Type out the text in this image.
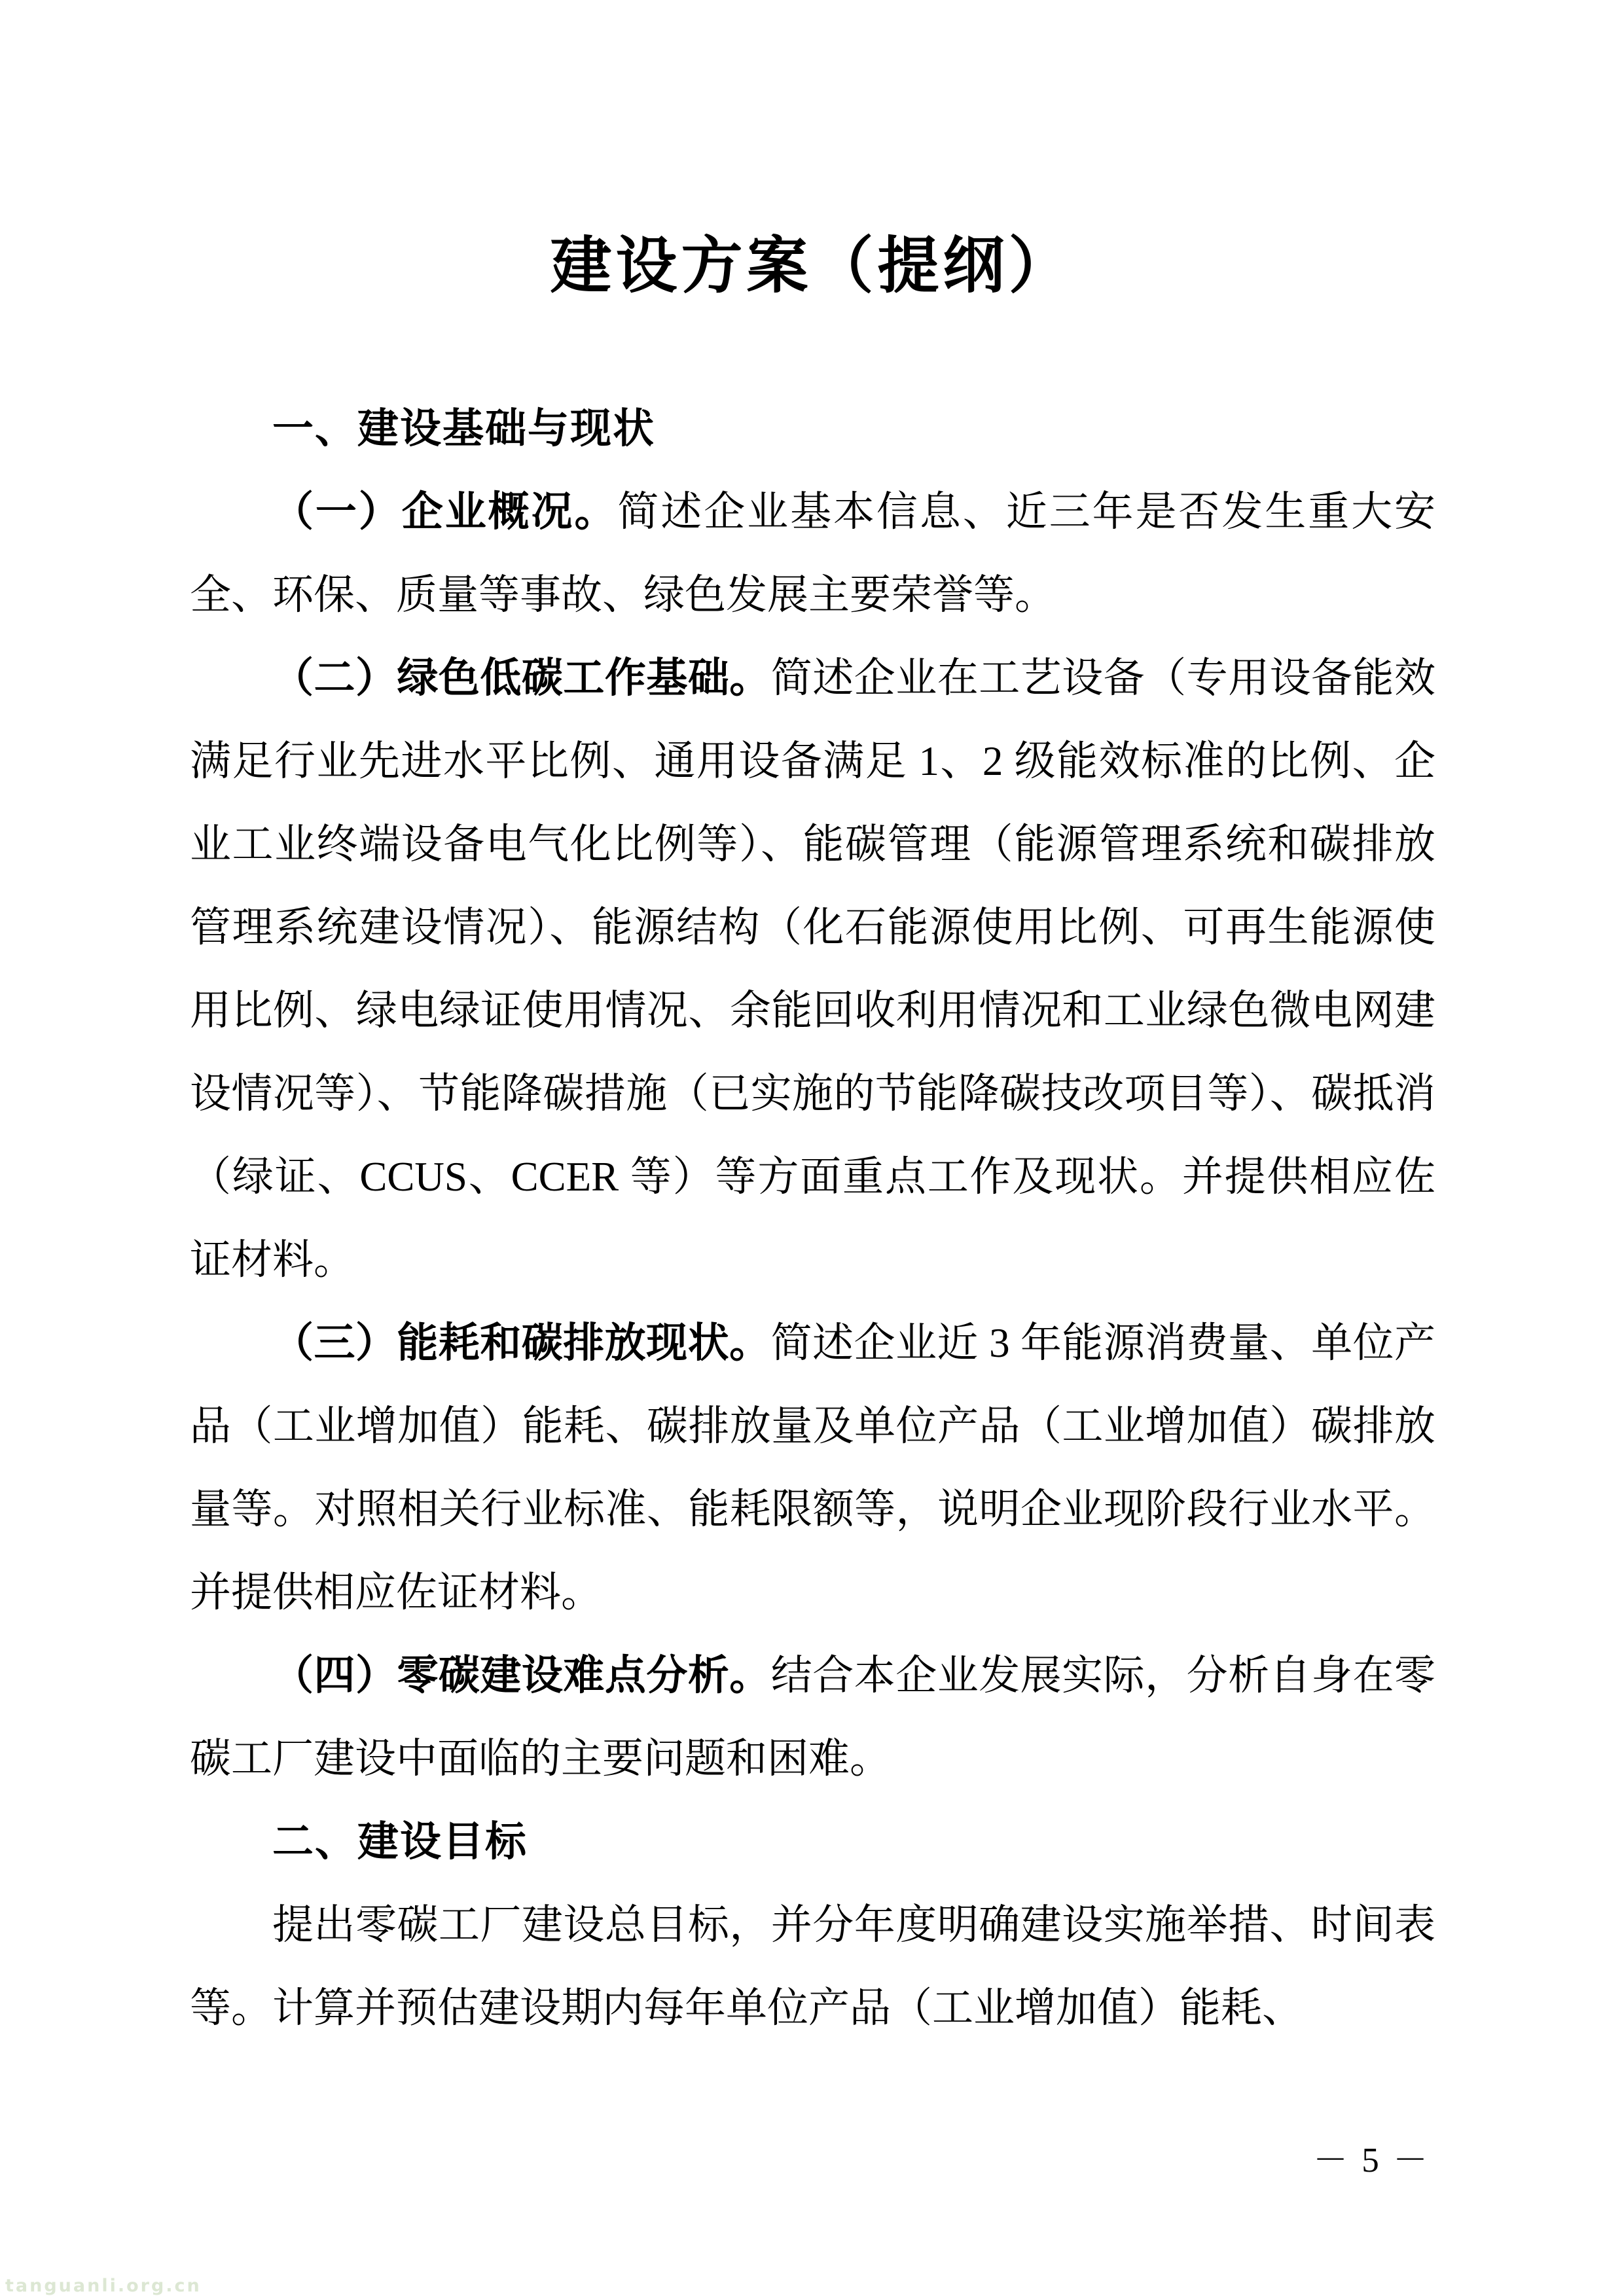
建设方案（提纲）

一、建设基础与现状

（一）企业概况。简述企业基本信息、近三年是否发生重大安全、环保、质量等事故、绿色发展主要荣誉等。

（二）绿色低碳工作基础。简述企业在工艺设备（专用设备能效满足行业先进水平比例、通用设备满足 1、2 级能效标准的比例、企业工业终端设备电气化比例等）、能碳管理（能源管理系统和碳排放管理系统建设情况）、能源结构（化石能源使用比例、可再生能源使用比例、绿电绿证使用情况、余能回收利用情况和工业绿色微电网建设情况等）、节能降碳措施（已实施的节能降碳技改项目等）、碳抵消（绿证、CCUS、CCER 等）等方面重点工作及现状。并提供相应佐证材料。

（三）能耗和碳排放现状。简述企业近 3 年能源消费量、单位产品（工业增加值）能耗、碳排放量及单位产品（工业增加值）碳排放量等。对照相关行业标准、能耗限额等，说明企业现阶段行业水平。并提供相应佐证材料。

（四）零碳建设难点分析。结合本企业发展实际，分析自身在零碳工厂建设中面临的主要问题和困难。

二、建设目标

提出零碳工厂建设总目标，并分年度明确建设实施举措、时间表等。计算并预估建设期内每年单位产品（工业增加值）能耗、

－ 5 －
tanguanli.org.cn
